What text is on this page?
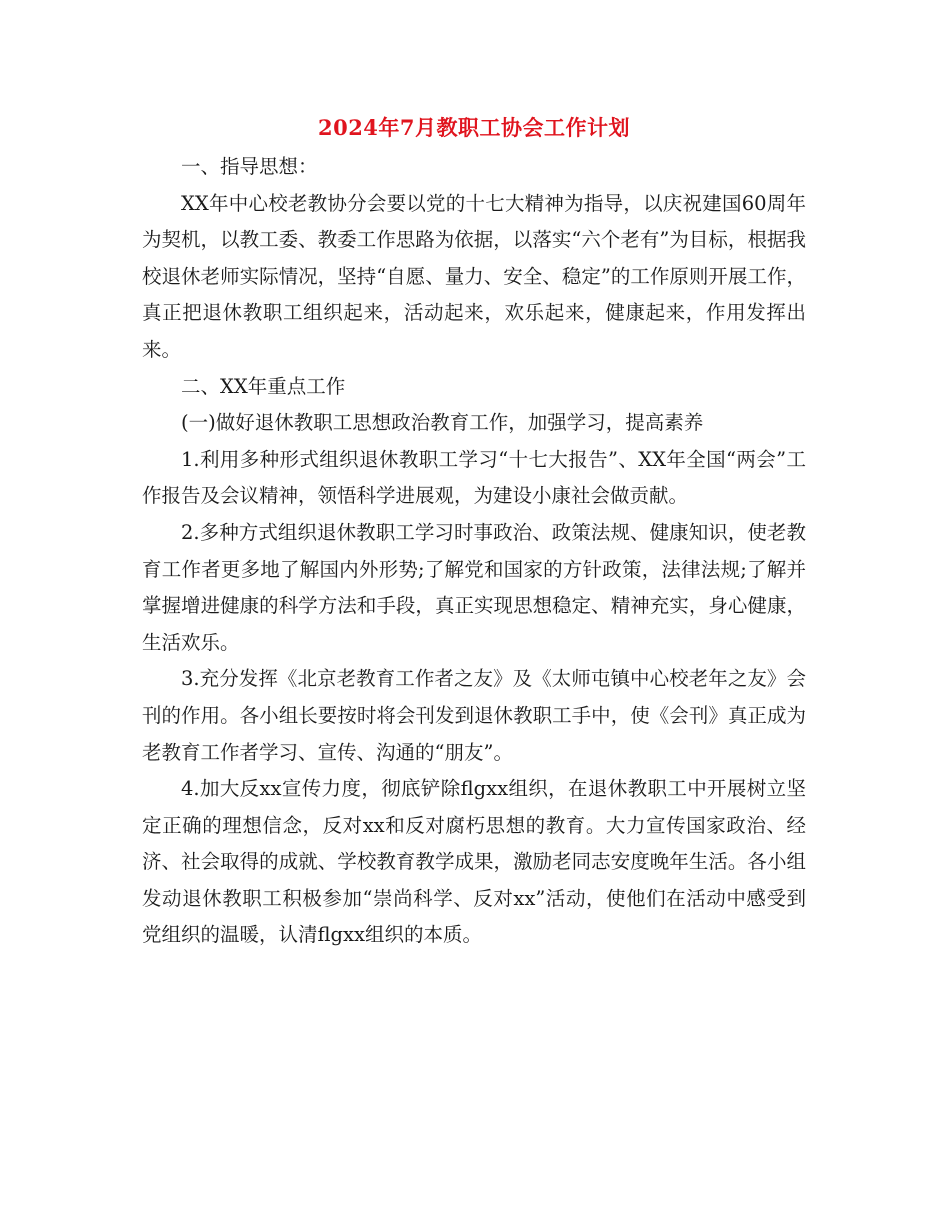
2024年7月教职工协会工作计划

一、指导思想：

XX年中心校老教协分会要以党的十七大精神为指导，以庆祝建国60周年为契机，以教工委、教委工作思路为依据，以落实“六个老有”为目标，根据我校退休老师实际情况，坚持“自愿、量力、安全、稳定”的工作原则开展工作，真正把退休教职工组织起来，活动起来，欢乐起来，健康起来，作用发挥出来。

二、XX年重点工作

(一)做好退休教职工思想政治教育工作，加强学习，提高素养

1.利用多种形式组织退休教职工学习“十七大报告”、XX年全国“两会”工作报告及会议精神，领悟科学进展观，为建设小康社会做贡献。

2.多种方式组织退休教职工学习时事政治、政策法规、健康知识，使老教育工作者更多地了解国内外形势;了解党和国家的方针政策，法律法规;了解并掌握增进健康的科学方法和手段，真正实现思想稳定、精神充实，身心健康，生活欢乐。

3.充分发挥《北京老教育工作者之友》及《太师屯镇中心校老年之友》会刊的作用。各小组长要按时将会刊发到退休教职工手中，使《会刊》真正成为老教育工作者学习、宣传、沟通的“朋友”。

4.加大反xx宣传力度，彻底铲除flgxx组织，在退休教职工中开展树立坚定正确的理想信念，反对xx和反对腐朽思想的教育。大力宣传国家政治、经济、社会取得的成就、学校教育教学成果，激励老同志安度晚年生活。各小组发动退休教职工积极参加“崇尚科学、反对xx”活动，使他们在活动中感受到党组织的温暖，认清flgxx组织的本质。
